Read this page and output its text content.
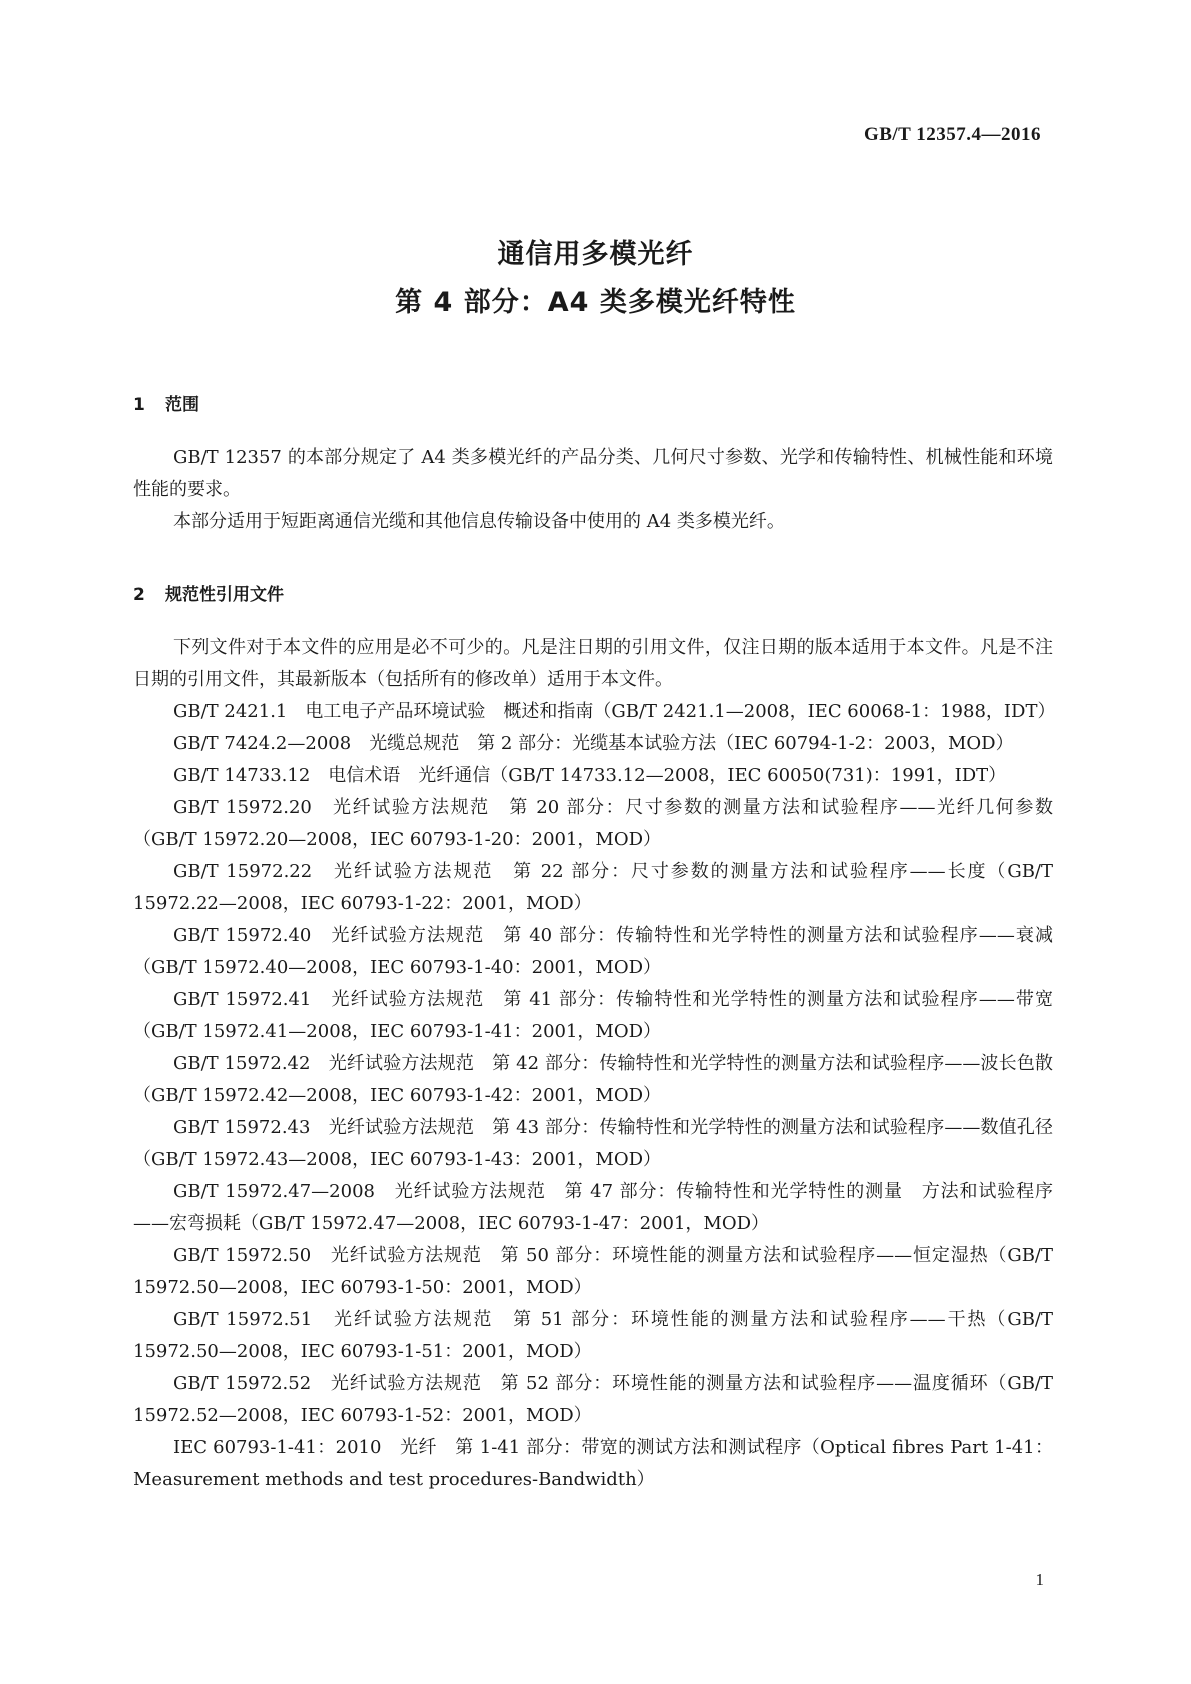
GB/T 12357.4—2016
通信用多模光纤
第 4 部分：A4 类多模光纤特性
1 范围

GB/T 12357 的本部分规定了 A4 类多模光纤的产品分类、几何尺寸参数、光学和传输特性、机械性能和环境性能的要求。

本部分适用于短距离通信光缆和其他信息传输设备中使用的 A4 类多模光纤。

2 规范性引用文件

下列文件对于本文件的应用是必不可少的。凡是注日期的引用文件，仅注日期的版本适用于本文件。凡是不注日期的引用文件，其最新版本（包括所有的修改单）适用于本文件。

GB/T 2421.1　电工电子产品环境试验　概述和指南（GB/T 2421.1—2008，IEC 60068-1：1988，IDT）

GB/T 7424.2—2008　光缆总规范　第 2 部分：光缆基本试验方法（IEC 60794-1-2：2003，MOD）

GB/T 14733.12　电信术语　光纤通信（GB/T 14733.12—2008，IEC 60050(731)：1991，IDT）

GB/T 15972.20　光纤试验方法规范　第 20 部分：尺寸参数的测量方法和试验程序——光纤几何参数（GB/T 15972.20—2008，IEC 60793-1-20：2001，MOD）

GB/T 15972.22　光纤试验方法规范　第 22 部分：尺寸参数的测量方法和试验程序——长度（GB/T 15972.22—2008，IEC 60793-1-22：2001，MOD）

GB/T 15972.40　光纤试验方法规范　第 40 部分：传输特性和光学特性的测量方法和试验程序——衰减（GB/T 15972.40—2008，IEC 60793-1-40：2001，MOD）

GB/T 15972.41　光纤试验方法规范　第 41 部分：传输特性和光学特性的测量方法和试验程序——带宽（GB/T 15972.41—2008，IEC 60793-1-41：2001，MOD）

GB/T 15972.42　光纤试验方法规范　第 42 部分：传输特性和光学特性的测量方法和试验程序——波长色散（GB/T 15972.42—2008，IEC 60793-1-42：2001，MOD）

GB/T 15972.43　光纤试验方法规范　第 43 部分：传输特性和光学特性的测量方法和试验程序——数值孔径（GB/T 15972.43—2008，IEC 60793-1-43：2001，MOD）

GB/T 15972.47—2008　光纤试验方法规范　第 47 部分：传输特性和光学特性的测量　方法和试验程序——宏弯损耗（GB/T 15972.47—2008，IEC 60793-1-47：2001，MOD）

GB/T 15972.50　光纤试验方法规范　第 50 部分：环境性能的测量方法和试验程序——恒定湿热（GB/T 15972.50—2008，IEC 60793-1-50：2001，MOD）

GB/T 15972.51　光纤试验方法规范　第 51 部分：环境性能的测量方法和试验程序——干热（GB/T 15972.50—2008，IEC 60793-1-51：2001，MOD）

GB/T 15972.52　光纤试验方法规范　第 52 部分：环境性能的测量方法和试验程序——温度循环（GB/T 15972.52—2008，IEC 60793-1-52：2001，MOD）

IEC 60793-1-41：2010　光纤　第 1-41 部分：带宽的测试方法和测试程序（Optical fibres Part 1-41：Measurement methods and test procedures-Bandwidth）

1
